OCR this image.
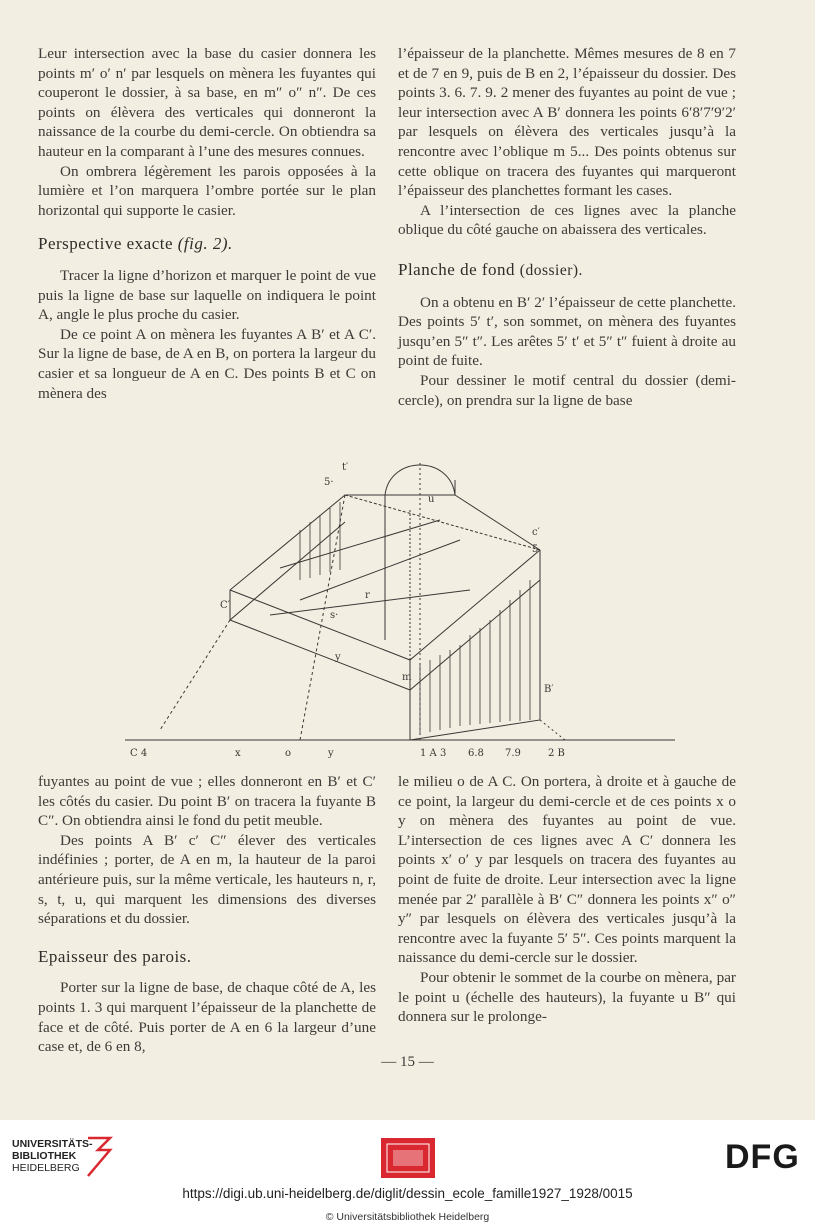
Leur intersection avec la base du casier donnera les points m′ o′ n′ par lesquels on mènera les fuyantes qui couperont le dossier, à sa base, en m″ o″ n″. De ces points on élèvera des verticales qui donneront la naissance de la courbe du demi-cercle. On obtiendra sa hauteur en la comparant à l’une des mesures connues.

On ombrera légèrement les parois opposées à la lumière et l’on marquera l’ombre portée sur le plan horizontal qui supporte le casier.

Perspective exacte (fig. 2).

Tracer la ligne d’horizon et marquer le point de vue puis la ligne de base sur laquelle on indiquera le point A, angle le plus proche du casier.

De ce point A on mènera les fuyantes A B′ et A C′. Sur la ligne de base, de A en B, on portera la largeur du casier et sa longueur de A en C. Des points B et C on mènera des

l’épaisseur de la planchette. Mêmes mesures de 8 en 7 et de 7 en 9, puis de B en 2, l’épaisseur du dossier. Des points 3. 6. 7. 9. 2 mener des fuyantes au point de vue ; leur intersection avec A B′ donnera les points 6′8′7′9′2′ par lesquels on élèvera des verticales jusqu’à la rencontre avec l’oblique m 5... Des points obtenus sur cette oblique on tracera des fuyantes qui marqueront l’épaisseur des planchettes formant les cases.

A l’intersection de ces lignes avec la planche oblique du côté gauche on abaissera des verticales.

Planche de fond (dossier).

On a obtenu en B′ 2′ l’épaisseur de cette planchette. Des points 5′ t′, son sommet, on mènera des fuyantes jusqu’en 5″ t″. Les arêtes 5′ t′ et 5″ t″ fuient à droite au point de fuite.

Pour dessiner le motif central du dossier (demi-cercle), on prendra sur la ligne de base

t′
5·
u
c′
5
C′
r
s·
B′
y
m
C 4	x	o	y	1 A 3 6.8 7.9	2 B

fuyantes au point de vue ; elles donneront en B′ et C′ les côtés du casier. Du point B′ on tracera la fuyante B C″. On obtiendra ainsi le fond du petit meuble.

Des points A B′ c′ C″ élever des verticales indéfinies ; porter, de A en m, la hauteur de la paroi antérieure puis, sur la même verticale, les hauteurs n, r, s, t, u, qui marquent les dimensions des diverses séparations et du dossier.

Epaisseur des parois.

Porter sur la ligne de base, de chaque côté de A, les points 1. 3 qui marquent l’épaisseur de la planchette de face et de côté. Puis porter de A en 6 la largeur d’une case et, de 6 en 8,

le milieu o de A C. On portera, à droite et à gauche de ce point, la largeur du demi-cercle et de ces points x o y on mènera des fuyantes au point de vue. L’intersection de ces lignes avec A C′ donnera les points x′ o′ y par lesquels on tracera des fuyantes au point de fuite de droite. Leur intersection avec la ligne menée par 2′ parallèle à B′ C″ donnera les points x″ o″ y″ par lesquels on élèvera des verticales jusqu’à la rencontre avec la fuyante 5′ 5″. Ces points marquent la naissance du demi-cercle sur le dossier.

Pour obtenir le sommet de la courbe on mènera, par le point u (échelle des hauteurs), la fuyante u B″ qui donnera sur le prolonge-

— 15 —
UNIVERSITÄTS-
BIBLIOTHEK
HEIDELBERG	DFG
https://digi.ub.uni-heidelberg.de/diglit/dessin_ecole_famille1927_1928/0015
© Universitätsbibliothek Heidelberg
